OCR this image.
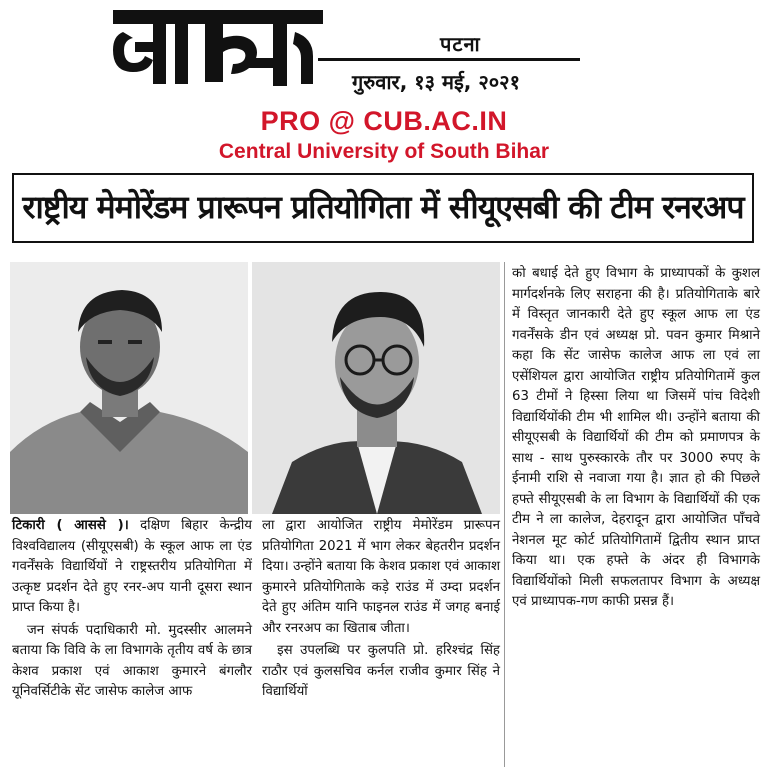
पटना
गुरुवार, १३ मई, २०२१
PRO @ CUB.AC.IN
Central University of South Bihar
राष्ट्रीय मेमोरेंडम प्रारूपन प्रतियोगिता में सीयूएसबी की टीम रनरअप

टिकारी ( आससे )। दक्षिण बिहार केन्द्रीय विश्वविद्यालय (सीयूएसबी) के स्कूल आफ ला एंड गवर्नेंसके विद्यार्थियों ने राष्ट्रस्तरीय प्रतियोगिता में उत्कृष्ट प्रदर्शन देते हुए रनर-अप यानी दूसरा स्थान प्राप्त किया है।

जन संपर्क पदाधिकारी मो. मुदस्सीर आलमने बताया कि विवि के ला विभागके तृतीय वर्ष के छात्र केशव प्रकाश एवं आकाश कुमारने बंगलौर यूनिवर्सिटीके सेंट जासेफ कालेज आफ

ला द्वारा आयोजित राष्ट्रीय मेमोरेंडम प्रारूपन प्रतियोगिता 2021 में भाग लेकर बेहतरीन प्रदर्शन दिया। उन्होंने बताया कि केशव प्रकाश एवं आकाश कुमारने प्रतियोगिताके कड़े राउंड में उम्दा प्रदर्शन देते हुए अंतिम यानि फाइनल राउंड में जगह बनाई और रनरअप का खिताब जीता।

इस उपलब्धि पर कुलपति प्रो. हरिश्चंद्र सिंह राठौर एवं कुलसचिव कर्नल राजीव कुमार सिंह ने विद्यार्थियों

को बधाई देते हुए विभाग के प्राध्यापकों के कुशल मार्गदर्शनके लिए सराहना की है। प्रतियोगिताके बारे में विस्तृत जानकारी देते हुए स्कूल आफ ला एंड गवर्नेंसके डीन एवं अध्यक्ष प्रो. पवन कुमार मिश्राने कहा कि सेंट जासेफ कालेज आफ ला एवं ला एसेंशियल द्वारा आयोजित राष्ट्रीय प्रतियोगितामें कुल 63 टीमों ने हिस्सा लिया था जिसमें पांच विदेशी विद्यार्थियोंकी टीम भी शामिल थी। उन्होंने बताया की सीयूएसबी के विद्यार्थियों की टीम को प्रमाणपत्र के साथ - साथ पुरुस्कारके तौर पर 3000 रुपए के ईनामी राशि से नवाजा गया है। ज्ञात हो की पिछले हफ्ते सीयूएसबी के ला विभाग के विद्यार्थियों की एक टीम ने ला कालेज, देहरादून द्वारा आयोजित पाँचवे नेशनल मूट कोर्ट प्रतियोगितामें द्वितीय स्थान प्राप्त किया था। एक हफ्ते के अंदर ही विभागके विद्यार्थियोंको मिली सफलतापर विभाग के अध्यक्ष एवं प्राध्यापक-गण काफी प्रसन्न हैं।
